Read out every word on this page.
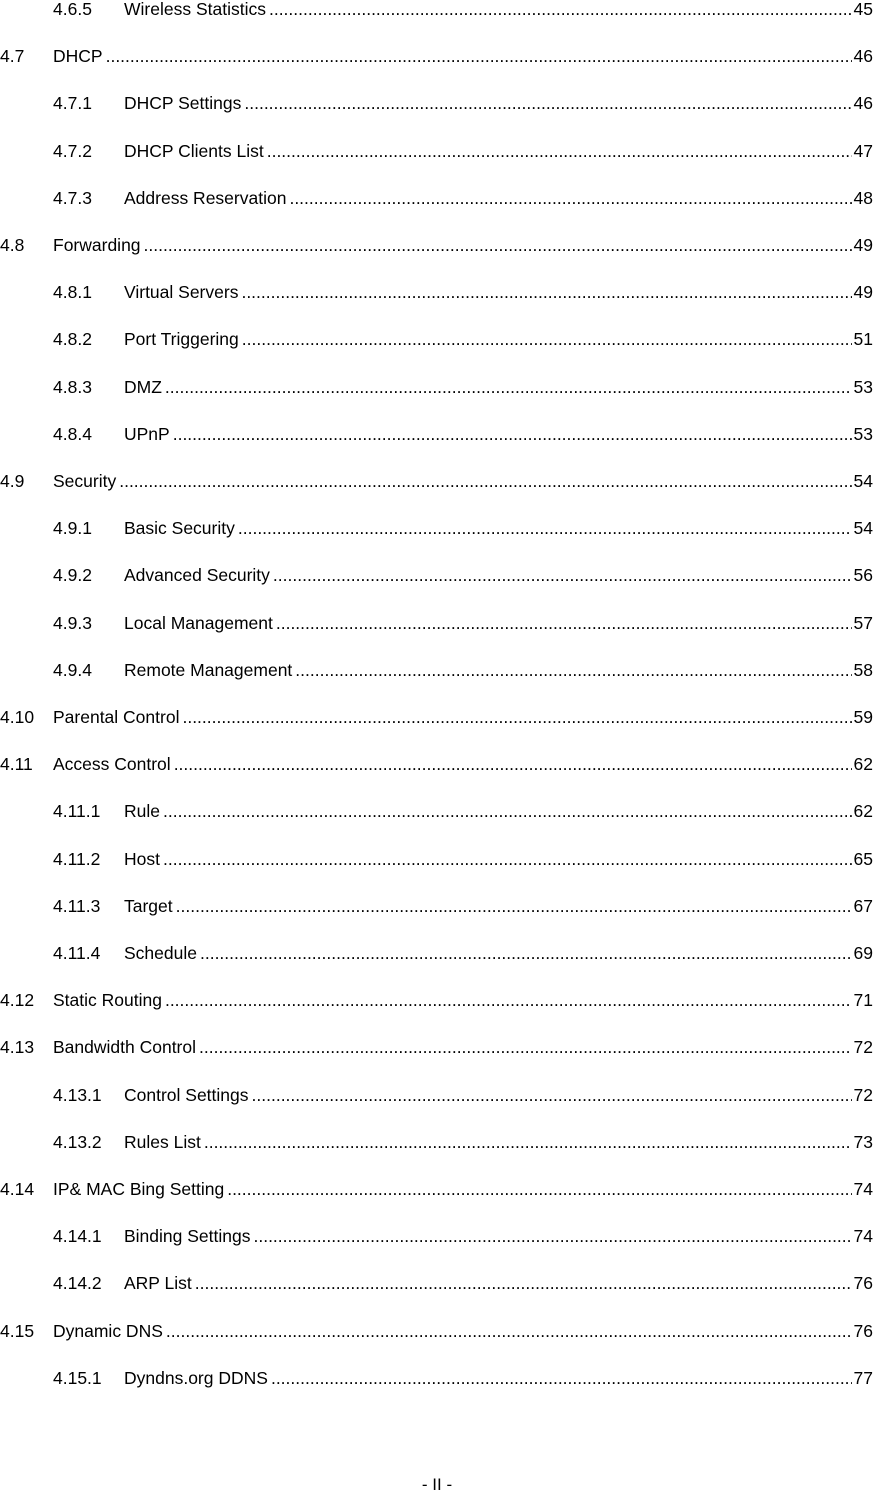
4.6.5	Wireless Statistics .....	45
4.7	DHCP .....	46
4.7.1	DHCP Settings .....	46
4.7.2	DHCP Clients List .....	47
4.7.3	Address Reservation .....	48
4.8	Forwarding .....	49
4.8.1	Virtual Servers .....	49
4.8.2	Port Triggering .....	51
4.8.3	DMZ .....	53
4.8.4	UPnP .....	53
4.9	Security .....	54
4.9.1	Basic Security .....	54
4.9.2	Advanced Security .....	56
4.9.3	Local Management .....	57
4.9.4	Remote Management .....	58
4.10	Parental Control .....	59
4.11	Access Control .....	62
4.11.1	Rule .....	62
4.11.2	Host .....	65
4.11.3	Target .....	67
4.11.4	Schedule .....	69
4.12	Static Routing .....	71
4.13	Bandwidth Control .....	72
4.13.1	Control Settings .....	72
4.13.2	Rules List .....	73
4.14	IP& MAC Bing Setting .....	74
4.14.1	Binding Settings .....	74
4.14.2	ARP List .....	76
4.15	Dynamic DNS .....	76
4.15.1	Dyndns.org DDNS .....	77
- II -
